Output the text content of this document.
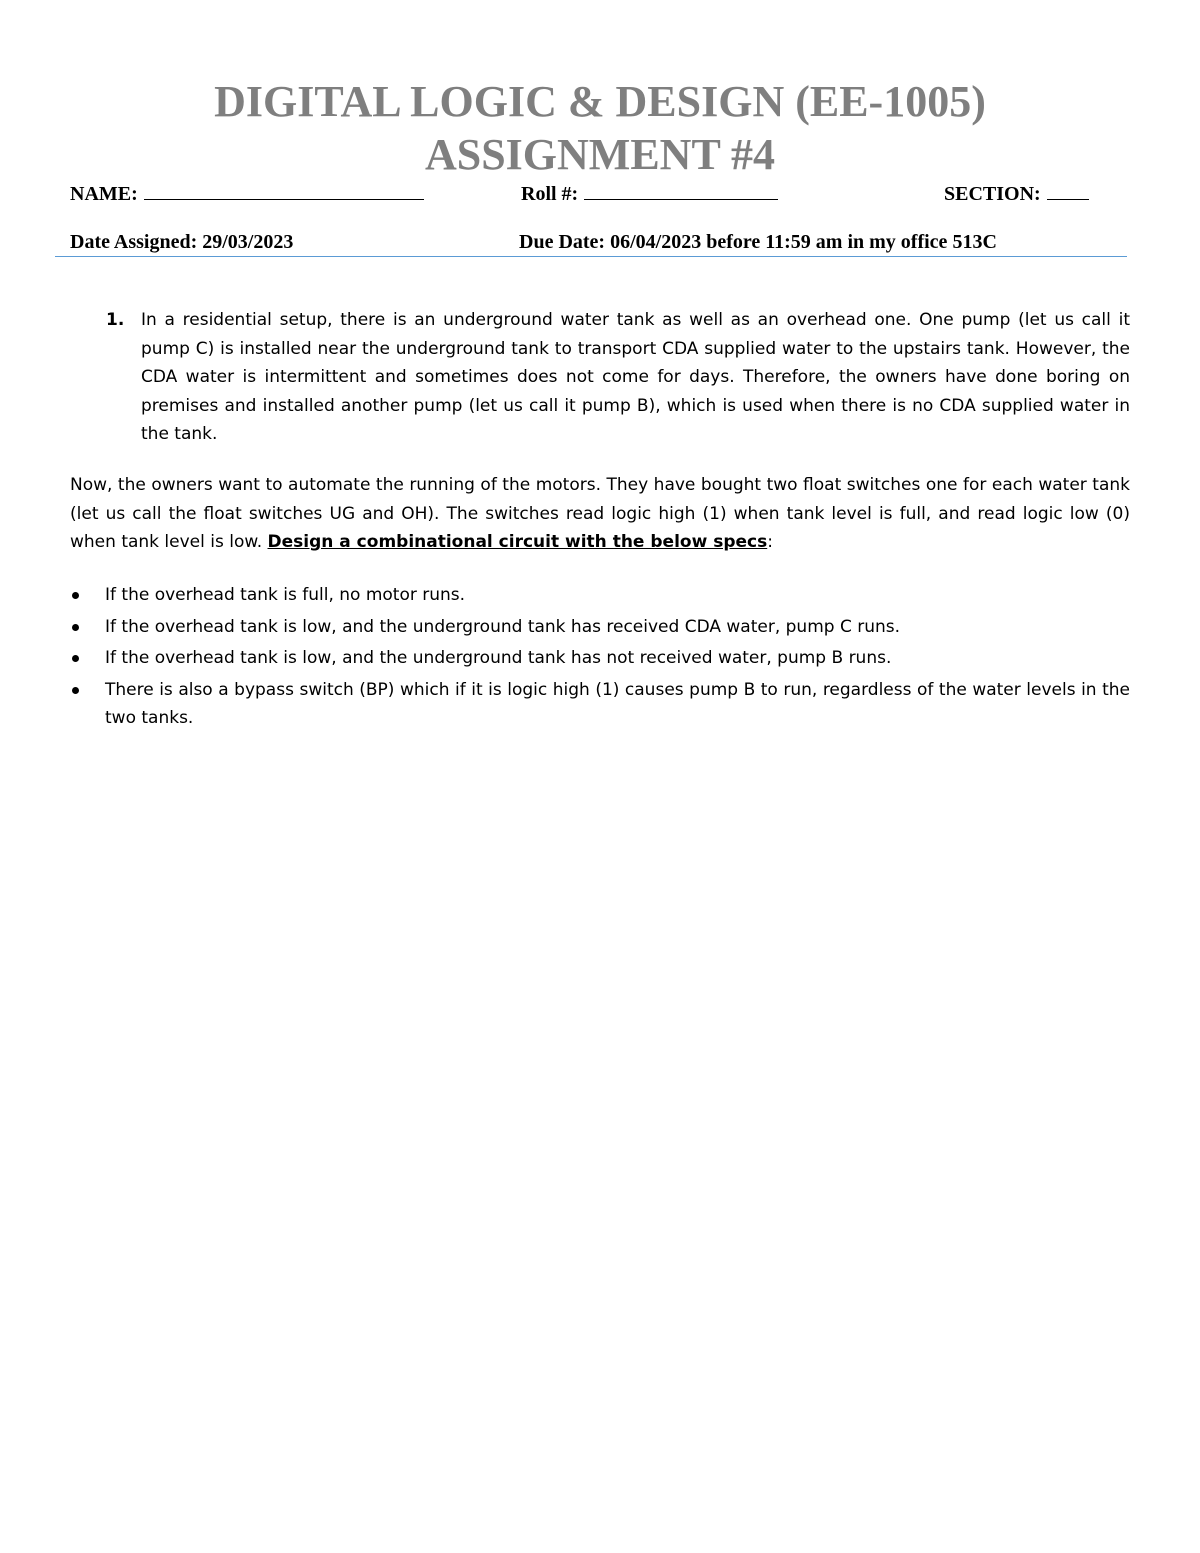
DIGITAL LOGIC & DESIGN (EE-1005)
ASSIGNMENT #4
NAME:	Roll #:	SECTION:
Date Assigned: 29/03/2023	Due Date: 06/04/2023 before 11:59 am in my office 513C
1. In a residential setup, there is an underground water tank as well as an overhead one. One pump (let us call it pump C) is installed near the underground tank to transport CDA supplied water to the upstairs tank. However, the CDA water is intermittent and sometimes does not come for days. Therefore, the owners have done boring on premises and installed another pump (let us call it pump B), which is used when there is no CDA supplied water in the tank.
Now, the owners want to automate the running of the motors. They have bought two float switches one for each water tank (let us call the float switches UG and OH). The switches read logic high (1) when tank level is full, and read logic low (0) when tank level is low. Design a combinational circuit with the below specs:
If the overhead tank is full, no motor runs.
If the overhead tank is low, and the underground tank has received CDA water, pump C runs.
If the overhead tank is low, and the underground tank has not received water, pump B runs.
There is also a bypass switch (BP) which if it is logic high (1) causes pump B to run, regardless of the water levels in the two tanks.
